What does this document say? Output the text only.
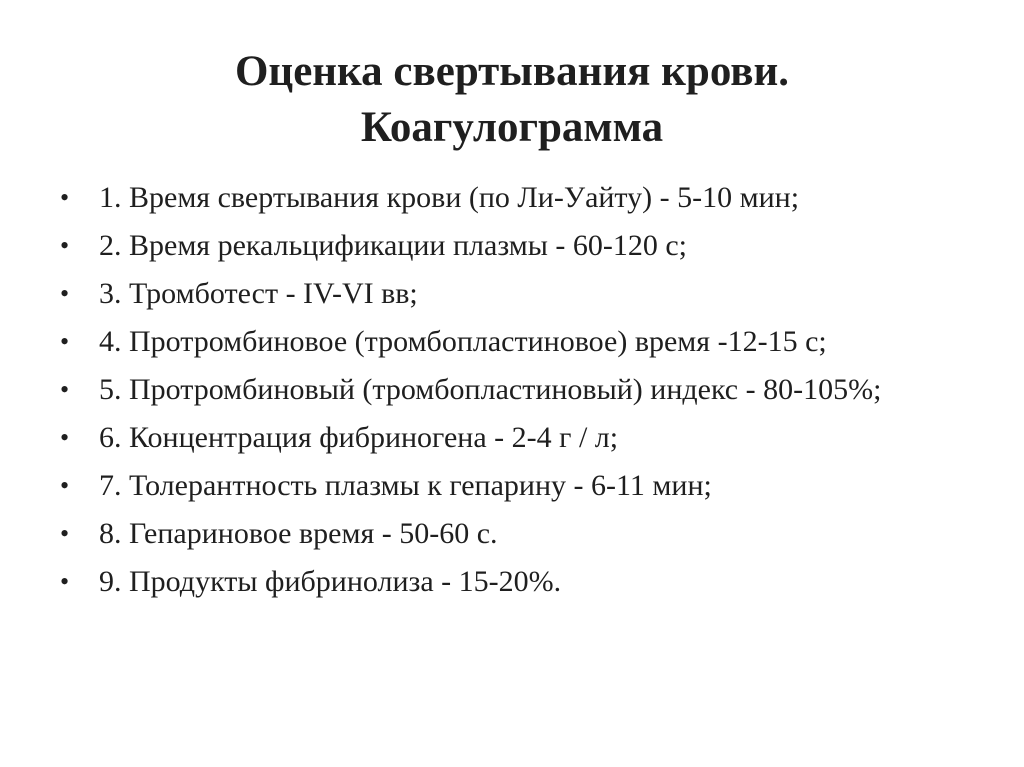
Оценка свертывания крови.
Коагулограмма
• 1. Время свертывания крови (по Ли-Уайту) - 5-10 мин;
• 2. Время рекальцификации плазмы - 60-120 с;
• 3. Тромботест - IV-VI вв;
• 4. Протромбиновое (тромбопластиновое) время -12-15 с;
• 5. Протромбиновый (тромбопластиновый) индекс - 80-105%;
• 6. Концентрация фибриногена - 2-4 г / л;
• 7. Толерантность плазмы к гепарину - 6-11 мин;
• 8. Гепариновое время - 50-60 с.
• 9. Продукты фибринолиза - 15-20%.
